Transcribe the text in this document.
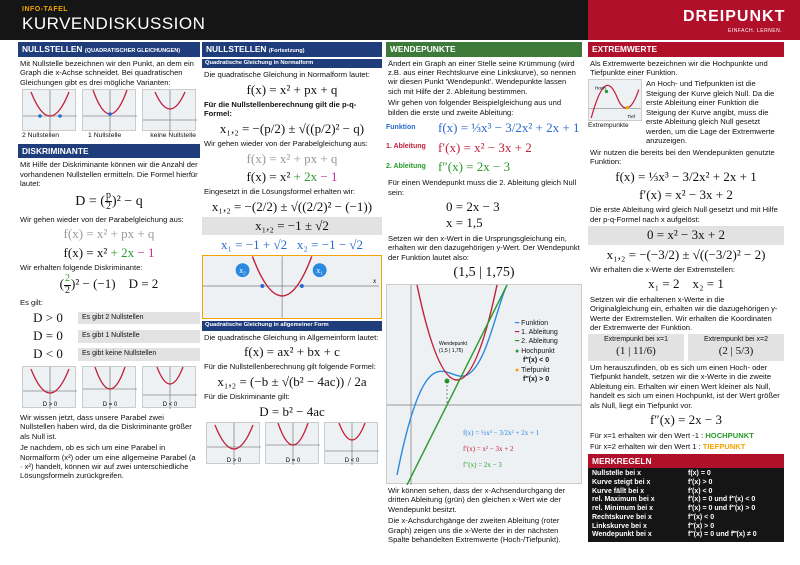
INFO-TAFEL
KURVENDISKUSSION	DREIPUNKT
EINFACH. LERNEN.
NULLSTELLEN (QUADRATISCHER GLEICHUNGEN)

Mit Nullstelle bezeichnen wir den Punkt, an dem ein Graph die x-Achse schneidet. Bei quadratischen Gleichungen gibt es drei mögliche Varianten:

2 Nullstellen	1 Nullstelle	keine Nullstelle
DISKRIMINANTE

Mit Hilfe der Diskriminante können wir die Anzahl der vorhandenen Nullstellen ermitteln. Die Formel hierfür lautet:

D = ( $\frac{p}{2} )^2 - q$

Wir gehen wieder von der Parabelgleichung aus:

f(x) = x² + px + q
f(x) = x² + 2x − 1

Wir erhalten folgende Diskriminante:

( $\frac{2}{2} )^2 - (-1)$ D = 2

Es gilt:

D > 0	Es gibt 2 Nullstellen
D = 0	Es gibt 1 Nullstelle
D < 0	Es gibt keine Nullstellen
D > 0	D = 0	D < 0

Wir wissen jetzt, dass unsere Parabel zwei Nullstellen haben wird, da die Diskriminante größer als Null ist.

Je nachdem, ob es sich um eine Parabel in Normalform (x²) oder um eine allgemeine Parabel (a · x²) handelt, können wir auf zwei unterschiedliche Lösungsformeln zurückgreifen.

NULLSTELLEN (Fortsetzung)
Quadratische Gleichung in Normalform

Die quadratische Gleichung in Normalform lautet:

f(x) = x² + px + q

Für die Nullstellenberechnung gilt die p-q-Formel:

x₁,₂ = −(p/2) ± √((p/2)² − q)

Wir gehen wieder von der Parabelgleichung aus:

f(x) = x² + px + q
f(x) = x² + 2x − 1

Eingesetzt in die Lösungsformel erhalten wir:

x₁,₂ = −(2/2) ± √((2/2)² − (−1))
x₁,₂ = −1 ± √2
x₁ = −1 + √2 x₂ = −1 − √2
x
x₂	x₁
Quadratische Gleichung in allgemeiner Form

Die quadratische Gleichung in Allgemeinform lautet:

f(x) = ax² + bx + c

Für die Nullstellenberechnung gilt folgende Formel:

x₁,₂ = (−b ± √(b² − 4ac)) / 2a

Für die Diskriminante gilt:

D = b² − 4ac
D > 0	D = 0	D < 0
WENDEPUNKTE

Ändert ein Graph an einer Stelle seine Krümmung (wird z.B. aus einer Rechtskurve eine Linkskurve), so nennen wir diesen Punkt 'Wendepunkt'. Wendepunkte lassen sich mit Hilfe der 2. Ableitung bestimmen.

Wir gehen von folgender Beispielgleichung aus und bilden die erste und zweite Ableitung:

Funktion	f(x) = ⅓x³ − 3/2x² + 2x + 1
1. Ableitung f′(x) = x² − 3x + 2
2. Ableitung f″(x) = 2x − 3

Für einen Wendepunkt muss die 2. Ableitung gleich Null sein:

0 = 2x − 3
x = 1,5

Setzen wir den x-Wert in die Ursprungsgleichung ein, erhalten wir den dazugehörigen y-Wert. Der Wendepunkt der Funktion lautet also:

(1,5 | 1,75)
Wendepunkt
(1,5 | 1,75)
f(x) = ⅓x³ − 3/2x² + 2x + 1
f′(x) = x² − 3x + 2
f″(x) = 2x − 3
━ Funktion
━ 1. Ableitung
━ 2. Ableitung
● Hochpunkt
f″(x) < 0
● Tiefpunkt
f″(x) > 0

Wir können sehen, dass der x-Achsendurchgang der dritten Ableitung (grün) den gleichen x-Wert wie der Wendepunkt besitzt.

Die x-Achsdurchgänge der zweiten Ableitung (roter Graph) zeigen uns die x-Werte der in der nächsten Spalte behandelten Extremwerte (Hoch-/Tiefpunkt).

EXTREMWERTE

Als Extremwerte bezeichnen wir die Hochpunkte und Tiefpunkte einer Funktion.

Hoch
Tief
Extrempunkte

An Hoch- und Tiefpunkten ist die Steigung der Kurve gleich Null. Da die erste Ableitung einer Funktion die Steigung der Kurve angibt, muss die erste Ableitung gleich Null gesetzt werden, um die Lage der Extremwerte anzuzeigen.

Wir nutzen die bereits bei den Wendepunkten genutzte Funktion:

f(x) = ⅓x³ − 3/2x² + 2x + 1
f′(x) = x² − 3x + 2

Die erste Ableitung wird gleich Null gesetzt und mit Hilfe der p-q-Formel nach x aufgelöst:

0 = x² − 3x + 2
x₁,₂ = −(−3/2) ± √((−3/2)² − 2)

Wir erhalten die x-Werte der Extremstellen:

x₁ = 2 x₂ = 1

Setzen wir die erhaltenen x-Werte in die Originalgleichung ein, erhalten wir die dazugehörigen y-Werte der Extremstellen. Wir erhalten die Koordinaten der Extremwerte der Funktion.

Extrempunkt bei x=1
(1 | 11/6)
Extrempunkt bei x=2
(2 | 5/3)

Um herauszufinden, ob es sich um einen Hoch- oder Tiefpunkt handelt, setzen wir die x-Werte in die zweite Ableitung ein. Erhalten wir einen Wert kleiner als Null, handelt es sich um einen Hochpunkt, ist der Wert größer als Null, liegt ein Tiefpunkt vor.

f″(x) = 2x − 3

Für x=1 erhalten wir den Wert -1 : HOCHPUNKT

Für x=2 erhalten wir den Wert 1 : TIEFPUNKT

MERKREGELN
Nullstelle bei x	f(x) = 0
Kurve steigt bei x	f′(x) > 0
Kurve fällt bei x	f′(x) < 0
rel. Maximum bei x	f′(x) = 0 und f″(x) < 0
rel. Minimum bei x	f′(x) = 0 und f″(x) > 0
Rechtskurve bei x	f″(x) < 0
Linkskurve bei x	f″(x) > 0
Wendepunkt bei x	f″(x) = 0 und f‴(x) ≠ 0
